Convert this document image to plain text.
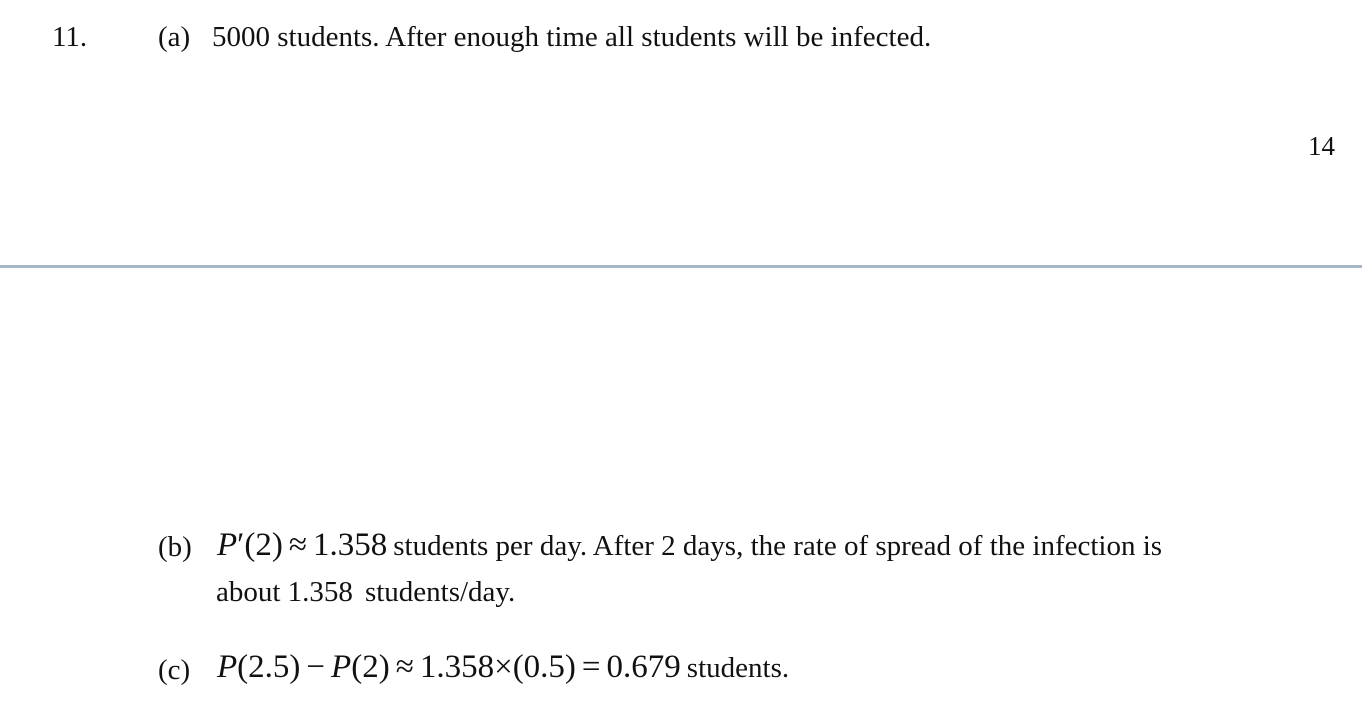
11. (a) 5000 students. After enough time all students will be infected.
14
(b) P′(2) ≈ 1.358 students per day. After 2 days, the rate of spread of the infection is
about 1.358 students/day.
(c) P(2.5) − P(2) ≈ 1.358×(0.5) = 0.679 students.
